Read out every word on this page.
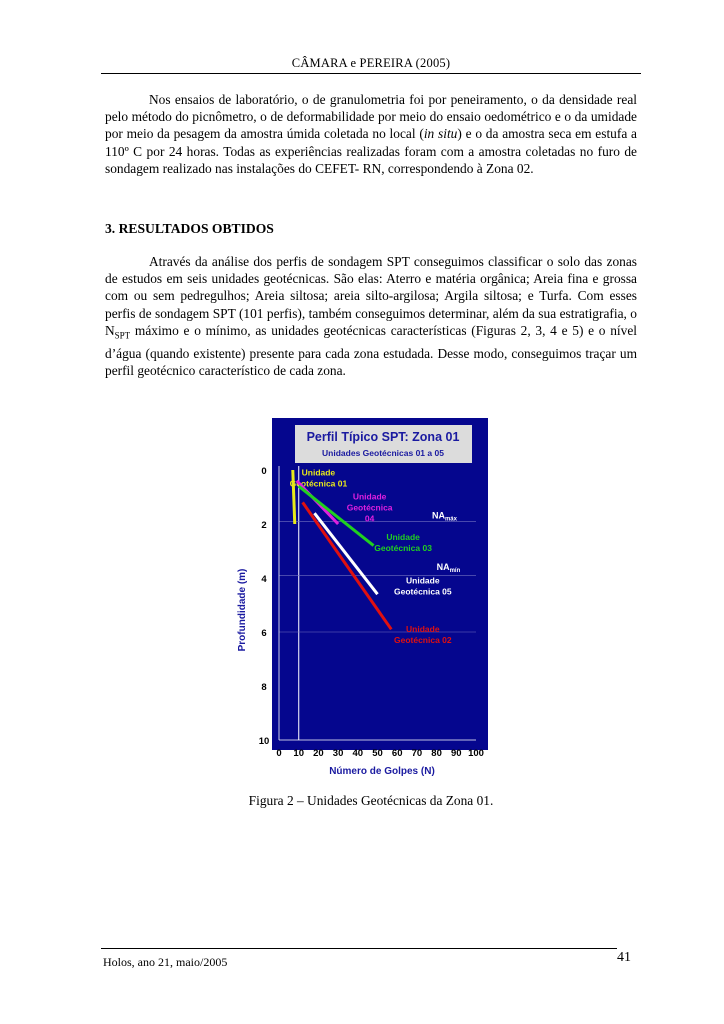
CÂMARA e PEREIRA (2005)

Nos ensaios de laboratório, o de granulometria foi por peneiramento, o da densidade real pelo método do picnômetro, o de deformabilidade por meio do ensaio oedométrico e o da umidade por meio da pesagem da amostra úmida coletada no local (in situ) e o da amostra seca em estufa a 110º C por 24 horas. Todas as experiências realizadas foram com a amostra coletadas no furo de sondagem realizado nas instalações do CEFET- RN, correspondendo à Zona 02.

3. RESULTADOS OBTIDOS

Através da análise dos perfis de sondagem SPT conseguimos classificar o solo das zonas de estudos em seis unidades geotécnicas. São elas: Aterro e matéria orgânica; Areia fina e grossa com ou sem pedregulhos; Areia siltosa; areia silto-argilosa; Argila siltosa; e Turfa. Com esses perfis de sondagem SPT (101 perfis), também conseguimos determinar, além da sua estratigrafia, o $N_{SPT}$ máximo e o mínimo, as unidades geotécnicas características (Figuras 2, 3, 4 e 5) e o nível d’água (quando existente) presente para cada zona estudada. Desse modo, conseguimos traçar um perfil geotécnico característico de cada zona.

Perfil Típico SPT: Zona 01
Unidades Geotécnicas 01 a 05
Profundidade (m)
Número de Golpes (N)
0
2
4
6
8
10
0 10 20 30 40 50 60 70 80 90 100
Unidade
Geotécnica 01
Unidade
Geotécnica
04
Unidade
Geotécnica 03
Unidade
Geotécnica 05
Unidade
Geotécnica 02
$NA_{máx}$
$NA_{mín}$
Figura 2 – Unidades Geotécnicas da Zona 01.
Holos, ano 21, maio/2005	41
